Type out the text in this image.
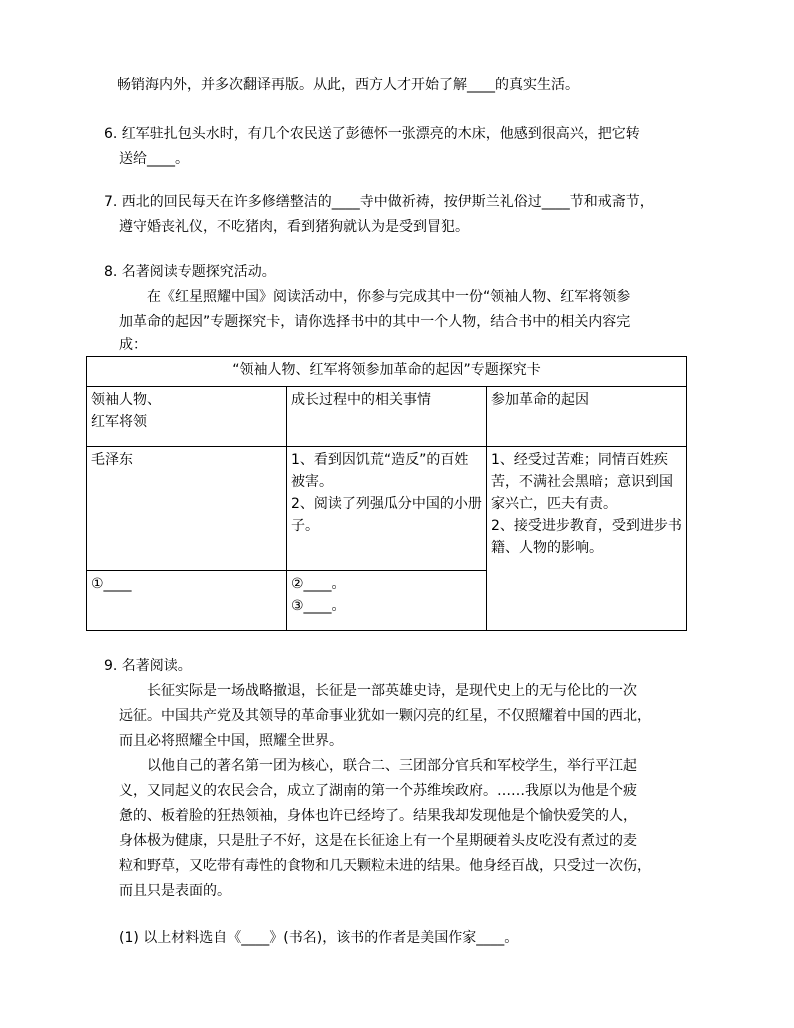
畅销海内外，并多次翻译再版。从此，西方人才开始了解____的真实生活。
6. 红军驻扎包头水时，有几个农民送了彭德怀一张漂亮的木床，他感到很高兴，把它转
送给____。
7. 西北的回民每天在许多修缮整洁的____寺中做祈祷，按伊斯兰礼俗过____节和戒斋节，
遵守婚丧礼仪，不吃猪肉，看到猪狗就认为是受到冒犯。
8. 名著阅读专题探究活动。
在《红星照耀中国》阅读活动中，你参与完成其中一份“领袖人物、红军将领参
加革命的起因”专题探究卡，请你选择书中的其中一个人物，结合书中的相关内容完
成：
“领袖人物、红军将领参加革命的起因”专题探究卡		
领袖人物、
红军将领	成长过程中的相关事情	参加革命的起因
毛泽东	1、看到因饥荒“造反”的百姓被害。
2、阅读了列强瓜分中国的小册子。	1、经受过苦难；同情百姓疾苦，不满社会黑暗；意识到国家兴亡，匹夫有责。
2、接受进步教育，受到进步书籍、人物的影响。
①____	②____。
③____。	
9. 名著阅读。
长征实际是一场战略撤退，长征是一部英雄史诗，是现代史上的无与伦比的一次
远征。中国共产党及其领导的革命事业犹如一颗闪亮的红星，不仅照耀着中国的西北，
而且必将照耀全中国，照耀全世界。
以他自己的著名第一团为核心，联合二、三团部分官兵和军校学生，举行平江起
义，又同起义的农民会合，成立了湖南的第一个苏维埃政府。……我原以为他是个疲
惫的、板着脸的狂热领袖，身体也许已经垮了。结果我却发现他是个愉快爱笑的人，
身体极为健康，只是肚子不好，这是在长征途上有一个星期硬着头皮吃没有煮过的麦
粒和野草，又吃带有毒性的食物和几天颗粒未进的结果。他身经百战，只受过一次伤，
而且只是表面的。
(1) 以上材料选自《____》(书名)，该书的作者是美国作家____。
